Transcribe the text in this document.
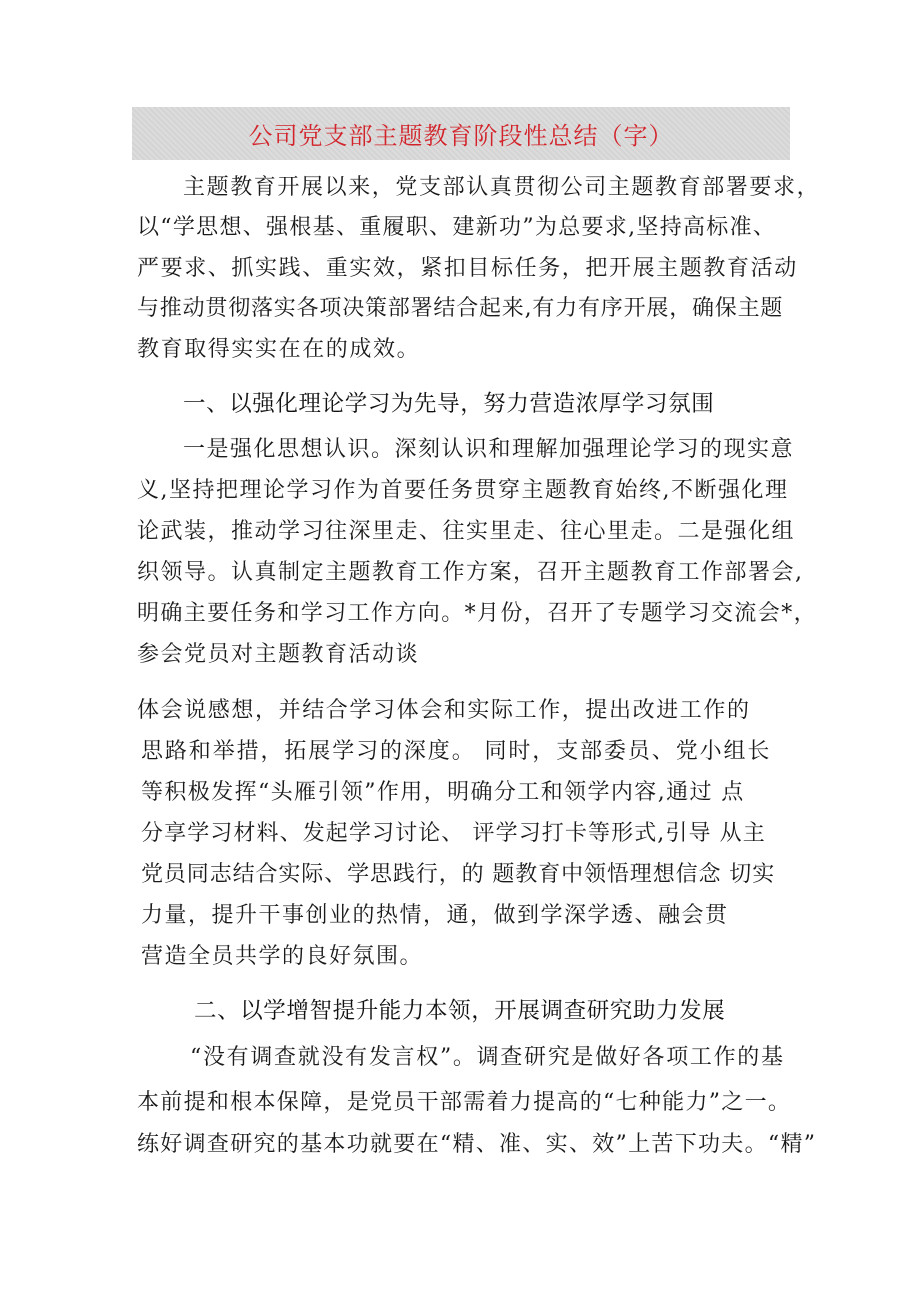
公司党支部主题教育阶段性总结（字）
主题教育开展以来，党支部认真贯彻公司主题教育部署要求，
以“学思想、强根基、重履职、建新功”为总要求,坚持高标准、
严要求、抓实践、重实效，紧扣目标任务，把开展主题教育活动
与推动贯彻落实各项决策部署结合起来,有力有序开展，确保主题
教育取得实实在在的成效。
一、以强化理论学习为先导，努力营造浓厚学习氛围
一是强化思想认识。深刻认识和理解加强理论学习的现实意
义,坚持把理论学习作为首要任务贯穿主题教育始终,不断强化理
论武装，推动学习往深里走、往实里走、往心里走。二是强化组
织领导。认真制定主题教育工作方案，召开主题教育工作部署会,
明确主要任务和学习工作方向。*月份，召开了专题学习交流会*，
参会党员对主题教育活动谈
体会说感想，并结合学习体会和实际工作，提出改进工作的
思路和举措，拓展学习的深度。 同时，支部委员、党小组长
等积极发挥“头雁引领”作用，明确分工和领学内容,通过 点
分享学习材料、发起学习讨论、 评学习打卡等形式,引导 从主
党员同志结合实际、学思践行，的 题教育中领悟理想信念 切实
力量，提升干事创业的热情，通，做到学深学透、融会贯
营造全员共学的良好氛围。
二、以学增智提升能力本领，开展调查研究助力发展
“没有调查就没有发言权”。调查研究是做好各项工作的基
本前提和根本保障，是党员干部需着力提高的“七种能力”之一。
练好调查研究的基本功就要在“精、准、实、效”上苦下功夫。“精”
